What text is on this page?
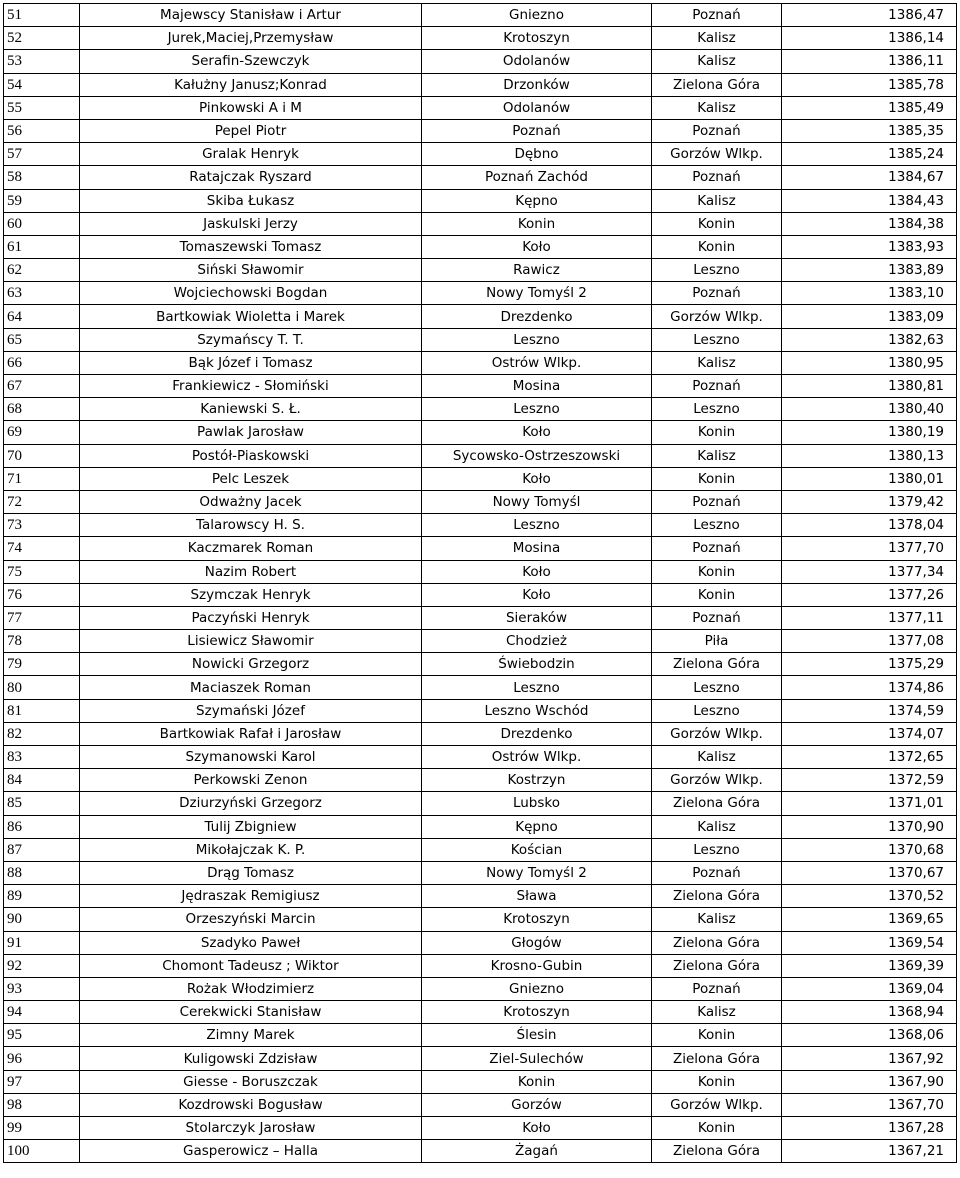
51	Majewscy Stanisław i Artur	Gniezno	Poznań	1386,47
52	Jurek,Maciej,Przemysław	Krotoszyn	Kalisz	1386,14
53	Serafin-Szewczyk	Odolanów	Kalisz	1386,11
54	Kałużny Janusz;Konrad	Drzonków	Zielona Góra	1385,78
55	Pinkowski A i M	Odolanów	Kalisz	1385,49
56	Pepel Piotr	Poznań	Poznań	1385,35
57	Gralak Henryk	Dębno	Gorzów Wlkp.	1385,24
58	Ratajczak Ryszard	Poznań Zachód	Poznań	1384,67
59	Skiba Łukasz	Kępno	Kalisz	1384,43
60	Jaskulski Jerzy	Konin	Konin	1384,38
61	Tomaszewski Tomasz	Koło	Konin	1383,93
62	Siński Sławomir	Rawicz	Leszno	1383,89
63	Wojciechowski Bogdan	Nowy Tomyśl 2	Poznań	1383,10
64	Bartkowiak Wioletta i Marek	Drezdenko	Gorzów Wlkp.	1383,09
65	Szymańscy T. T.	Leszno	Leszno	1382,63
66	Bąk Józef i Tomasz	Ostrów Wlkp.	Kalisz	1380,95
67	Frankiewicz - Słomiński	Mosina	Poznań	1380,81
68	Kaniewski S. Ł.	Leszno	Leszno	1380,40
69	Pawlak Jarosław	Koło	Konin	1380,19
70	Postół-Piaskowski	Sycowsko-Ostrzeszowski	Kalisz	1380,13
71	Pelc Leszek	Koło	Konin	1380,01
72	Odważny Jacek	Nowy Tomyśl	Poznań	1379,42
73	Talarowscy H. S.	Leszno	Leszno	1378,04
74	Kaczmarek Roman	Mosina	Poznań	1377,70
75	Nazim Robert	Koło	Konin	1377,34
76	Szymczak Henryk	Koło	Konin	1377,26
77	Paczyński Henryk	Sieraków	Poznań	1377,11
78	Lisiewicz Sławomir	Chodzież	Piła	1377,08
79	Nowicki Grzegorz	Świebodzin	Zielona Góra	1375,29
80	Maciaszek Roman	Leszno	Leszno	1374,86
81	Szymański Józef	Leszno Wschód	Leszno	1374,59
82	Bartkowiak Rafał i Jarosław	Drezdenko	Gorzów Wlkp.	1374,07
83	Szymanowski Karol	Ostrów Wlkp.	Kalisz	1372,65
84	Perkowski Zenon	Kostrzyn	Gorzów Wlkp.	1372,59
85	Dziurzyński Grzegorz	Lubsko	Zielona Góra	1371,01
86	Tulij Zbigniew	Kępno	Kalisz	1370,90
87	Mikołajczak K. P.	Kościan	Leszno	1370,68
88	Drąg Tomasz	Nowy Tomyśl 2	Poznań	1370,67
89	Jędraszak Remigiusz	Sława	Zielona Góra	1370,52
90	Orzeszyński Marcin	Krotoszyn	Kalisz	1369,65
91	Szadyko Paweł	Głogów	Zielona Góra	1369,54
92	Chomont Tadeusz ; Wiktor	Krosno-Gubin	Zielona Góra	1369,39
93	Rożak Włodzimierz	Gniezno	Poznań	1369,04
94	Cerekwicki Stanisław	Krotoszyn	Kalisz	1368,94
95	Zimny Marek	Ślesin	Konin	1368,06
96	Kuligowski Zdzisław	Ziel-Sulechów	Zielona Góra	1367,92
97	Giesse - Boruszczak	Konin	Konin	1367,90
98	Kozdrowski Bogusław	Gorzów	Gorzów Wlkp.	1367,70
99	Stolarczyk Jarosław	Koło	Konin	1367,28
100	Gasperowicz – Halla	Żagań	Zielona Góra	1367,21
